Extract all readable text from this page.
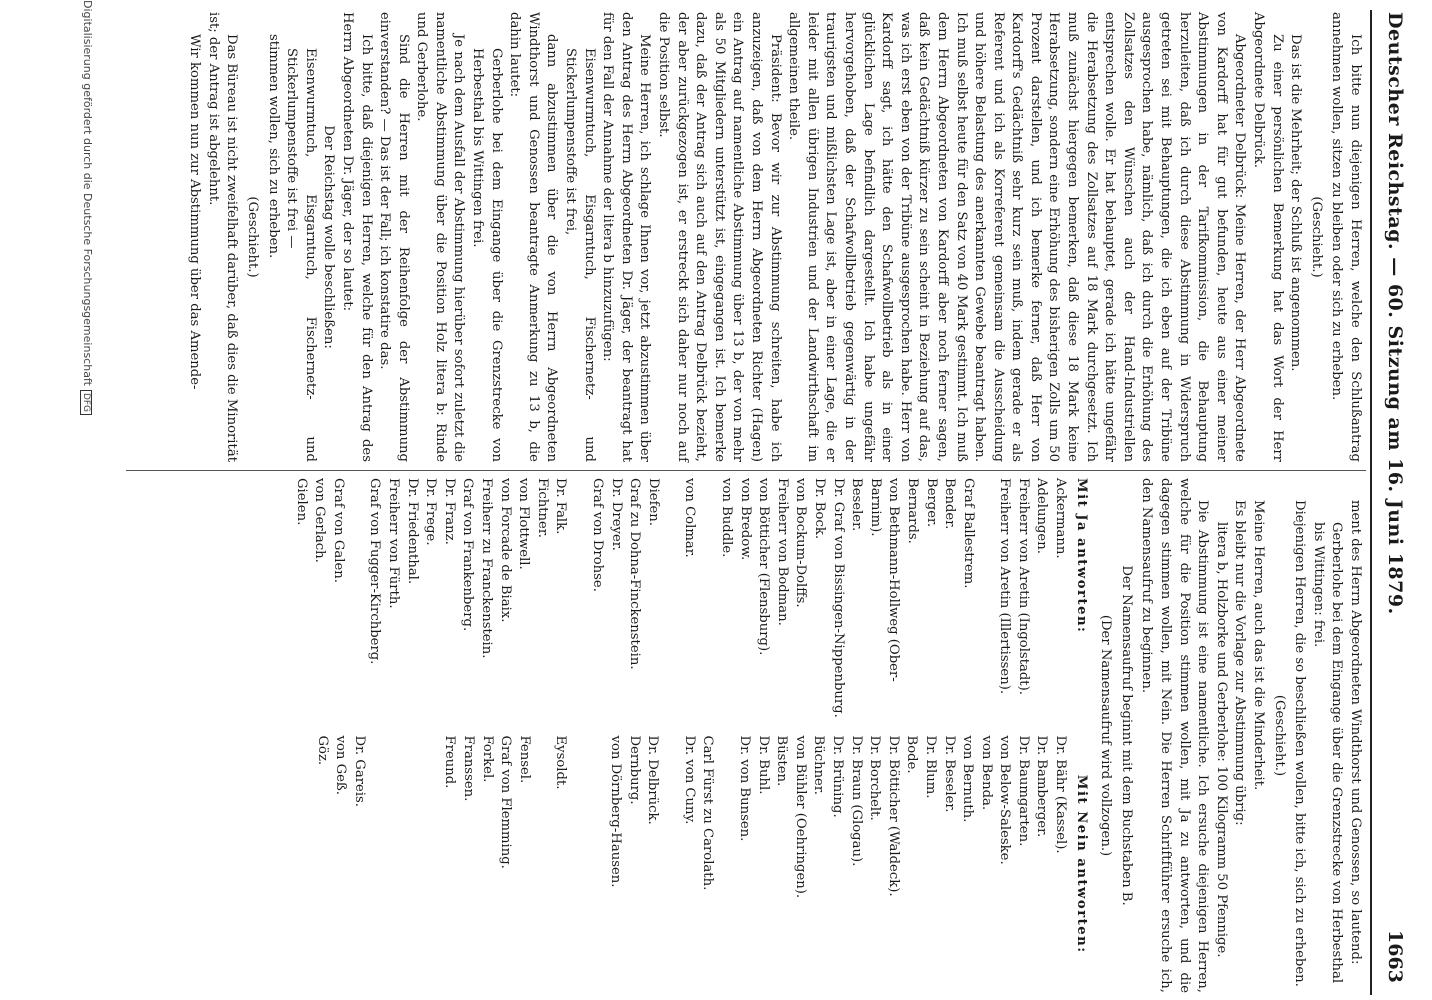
Deutscher Reichstag. — 60. Sitzung am 16. Juni 1879.
1663
Ich bitte nun diejenigen Herren, welche den Schlußantrag annehmen wollen, sitzen zu bleiben oder sich zu erheben.
(Geschieht.)
Das ist die Mehrheit; der Schluß ist angenommen.
Zu einer persönlichen Bemerkung hat das Wort der Herr Abgeordnete Delbrück.
Abgeordneter Delbrück: Meine Herren, der Herr Abgeordnete von Kardorff hat für gut befunden, heute aus einer meiner Abstimmungen in der Tarifkommission, die Behauptung herzuleiten, daß ich durch diese Abstimmung in Widerspruch getreten sei mit Behauptungen, die ich eben auf der Tribüne ausgesprochen habe, nämlich, daß ich durch die Erhöhung des Zollsatzes den Wünschen auch der Hand-Industriellen entsprechen wolle. Er hat behauptet, gerade ich hätte ungefähr die Herabsetzung des Zollsatzes auf 18 Mark durchgesetzt. Ich muß zunächst hiergegen bemerken, daß diese 18 Mark keine Herabsetzung, sondern eine Erhöhung des bisherigen Zolls um 50 Prozent darstellen, und ich bemerke ferner, daß Herr von Kardorff's Gedächtniß sehr kurz sein muß, indem gerade er als Referent und ich als Korreferent gemeinsam die Ausscheidung und höhere Belastung des anerkannten Gewebe beantragt haben. Ich muß selbst heute für den Satz von 40 Mark gestimmt. Ich muß dem Herrn Abgeordneten von Kardorff aber noch ferner sagen, daß kein Gedächtniß kürzer zu sein scheint in Beziehung auf das, was ich erst eben von der Tribüne ausgesprochen habe. Herr von Kardorff sagt, ich hätte den Schafwollbetrieb als in einer glücklichen Lage befindlich dargestellt. Ich habe ungefähr hervorgehoben, daß der Schafwollbetrieb gegenwärtig in der traurigsten und mißlichsten Lage ist, aber in einer Lage, die er leider mit allen übrigen Industrien und der Landwirthschaft im allgemeinen theile.
Präsident: Bevor wir zur Abstimmung schreiten, habe ich anzuzeigen, daß von dem Herrn Abgeordneten Richter (Hagen) ein Antrag auf namentliche Abstimmung über 13 b, der von mehr als 50 Mitgliedern unterstützt ist, eingegangen ist. Ich bemerke dazu, daß der Antrag sich auch auf den Antrag Delbrück bezieht, der aber zurückgezogen ist, er erstreckt sich daher nur noch auf die Position selbst.
Meine Herren, ich schlage Ihnen vor, jetzt abzustimmen über den Antrag des Herrn Abgeordneten Dr. Jäger, der beantragt hat für den Fall der Annahme der litera b hinzuzufügen:
Eisenwurmtuch, Eisgarntuch, Fischernetz- und Stickerlumpenstoffe ist frei,
dann abzustimmen über die von Herrn Abgeordneten Windthorst und Genossen beantragte Anmerkung zu 13 b, die dahin lautet:
Gerberlohe bei dem Eingange über die Grenzstrecke von Herbesthal bis Wittingen frei.
Je nach dem Ausfall der Abstimmung hierüber sofort zuletzt die namentliche Abstimmung über die Position Holz litera b: Rinde und Gerberlohe.
Sind die Herren mit der Reihenfolge der Abstimmung einverstanden? — Das ist der Fall; ich konstatire das.
Ich bitte, daß diejenigen Herren, welche für den Antrag des Herrn Abgeordneten Dr. Jäger, der so lautet:
Der Reichstag wolle beschließen:
Eisenwurmtuch, Eisgarntuch, Fischernetz- und Stickerlumpenstoffe ist frei —
stimmen wollen, sich zu erheben.
(Geschieht.)
Das Büreau ist nicht zweifelhaft darüber, daß dies die Minorität ist; der Antrag ist abgelehnt.
Wir kommen nun zur Abstimmung über das Amende-
ment des Herrn Abgeordneten Windthorst und Genossen, so lautend:
Gerberlohe bei dem Eingange über die Grenzstrecke von Herbesthal bis Wittingen: frei.
Diejenigen Herren, die so beschließen wollen, bitte ich, sich zu erheben.
(Geschieht.)
Meine Herren, auch das ist die Minderheit.
Es bleibt nur die Vorlage zur Abstimmung übrig:
litera b, Holzborke und Gerberlohe: 100 Kilogramm 50 Pfennige.
Die Abstimmung ist eine namentliche. Ich ersuche diejenigen Herren, welche für die Position stimmen wollen, mit Ja zu antworten, und die dagegen stimmen wollen, mit Nein. Die Herren Schriftführer ersuche ich, den Namensaufruf zu beginnen.
Der Namensaufruf beginnt mit dem Buchstaben B.
(Der Namensaufruf wird vollzogen.)
Mit Ja antworten:
Mit Nein antworten:
Ackermann.
Adelungen.
Freiherr von Aretin (Ingolstadt).
Freiherr von Aretin (Illertissen).
Graf Ballestrem.
Bender.
Berger.
Bernards.
von Bethmann-Hollweg (Ober-Barnim).
Beseler.
Dr. Graf von Bissingen-Nippenburg.
Dr. Bock.
von Bockum-Dolffs.
Freiherr von Bodman.
von Bötticher (Flensburg).
von Bredow.
von Buddle.
von Colmar.
Diefen.
Graf zu Dohna-Finckenstein.
Dr. Dreyer.
Graf von Drohse.
Dr. Falk.
Fichtner.
von Flottwell.
von Forcade de Biaix.
Freiherr zu Franckenstein.
Graf von Frankenberg.
Dr. Franz.
Dr. Frege.
Dr. Friedenthal.
Freiherr von Fürth.
Graf von Fugger-Kirchberg.
Graf von Galen.
von Gerlach.
Gielen.
Dr. Bähr (Kassel).
Dr. Bamberger.
Dr. Baumgarten.
von Below-Saleske.
von Benda.
von Bernuth.
Dr. Beseler.
Dr. Blum.
Bode.
Dr. Bötticher (Waldeck).
Dr. Borchelt.
Dr. Braun (Glogau).
Dr. Brüning.
Büchner.
von Bühler (Oehringen).
Büsten.
Dr. Buhl.
Dr. von Bunsen.
Carl Fürst zu Carolath.
Dr. von Cuny.
Dr. Delbrück.
Dernburg.
von Dörnberg-Hausen.
Eysoldt.
Fensel.
Graf von Flemming.
Forkel.
Franssen.
Freund.
Dr. Gareis.
von Geß.
Göz.
Digitalisierung gefördert durch die Deutsche ForschungsgemeinschaftDFG
